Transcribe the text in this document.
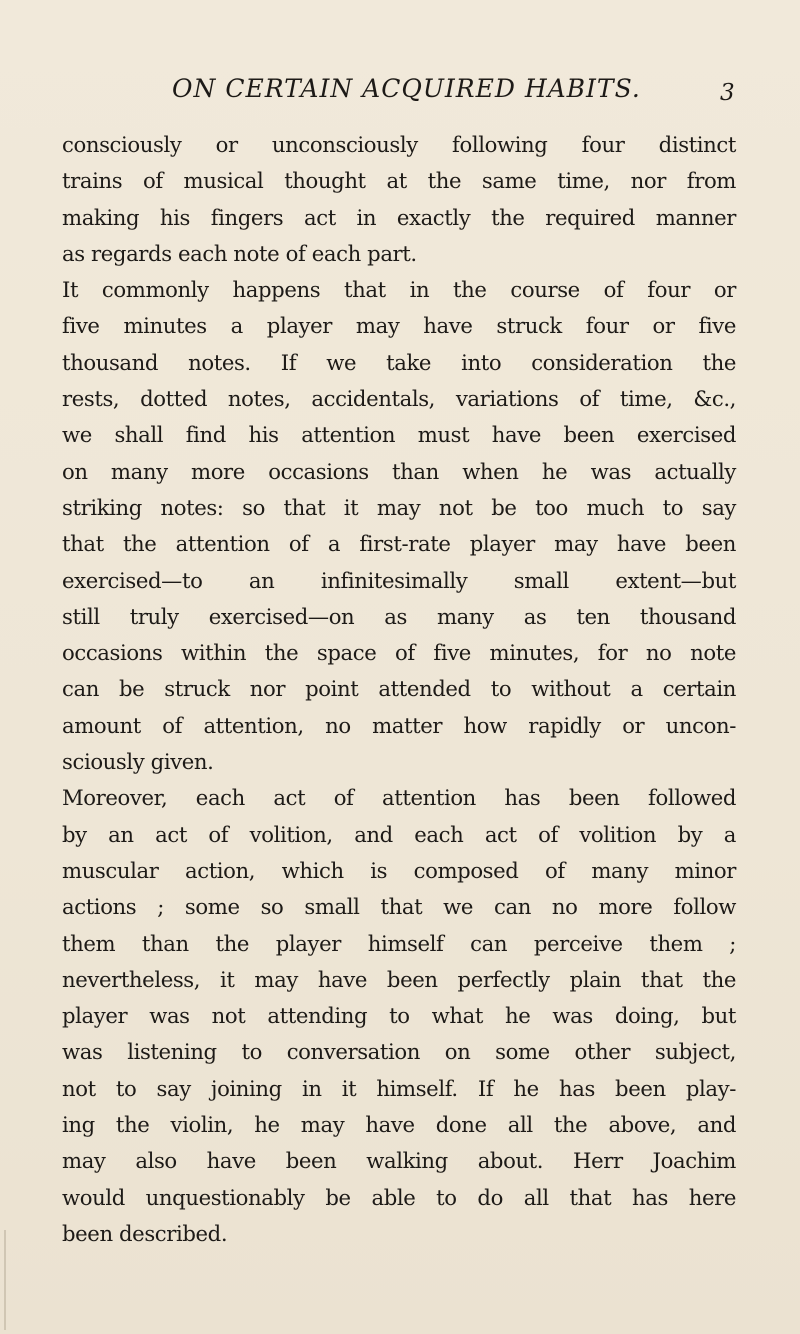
ON CERTAIN ACQUIRED HABITS.	3
consciously or unconsciously following four distinct
trains of musical thought at the same time, nor from
making his fingers act in exactly the required manner
as regards each note of each part.
It commonly happens that in the course of four or
five minutes a player may have struck four or five
thousand notes. If we take into consideration the
rests, dotted notes, accidentals, variations of time, &c.,
we shall find his attention must have been exercised
on many more occasions than when he was actually
striking notes: so that it may not be too much to say
that the attention of a first-rate player may have been
exercised—to an infinitesimally small extent—but
still truly exercised—on as many as ten thousand
occasions within the space of five minutes, for no note
can be struck nor point attended to without a certain
amount of attention, no matter how rapidly or uncon-
sciously given.
Moreover, each act of attention has been followed
by an act of volition, and each act of volition by a
muscular action, which is composed of many minor
actions ; some so small that we can no more follow
them than the player himself can perceive them ;
nevertheless, it may have been perfectly plain that the
player was not attending to what he was doing, but
was listening to conversation on some other subject,
not to say joining in it himself. If he has been play-
ing the violin, he may have done all the above, and
may also have been walking about. Herr Joachim
would unquestionably be able to do all that has here
been described.
